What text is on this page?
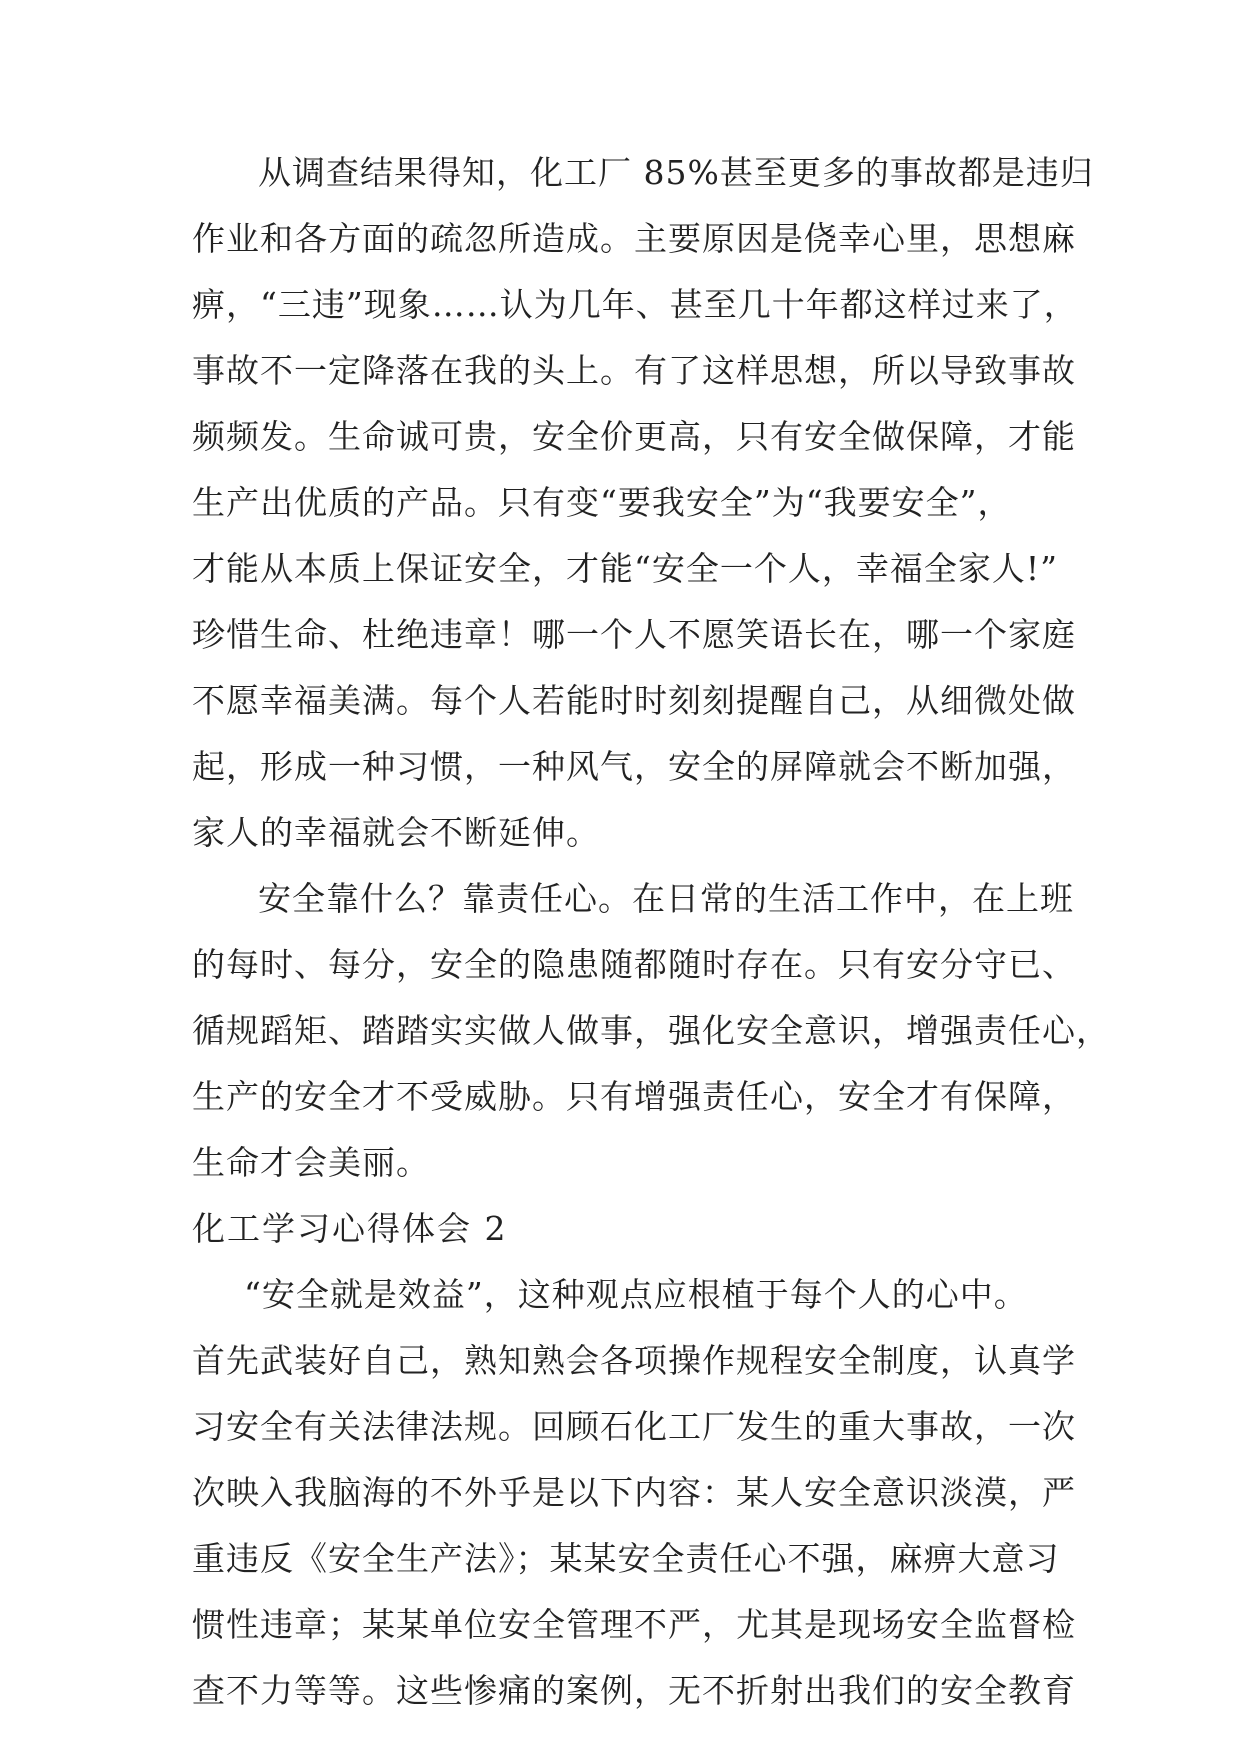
从调查结果得知，化工厂 85%甚至更多的事故都是违归
作业和各方面的疏忽所造成。主要原因是侥幸心里，思想麻
痹，“三违”现象……认为几年、甚至几十年都这样过来了，
事故不一定降落在我的头上。有了这样思想，所以导致事故
频频发。生命诚可贵，安全价更高，只有安全做保障，才能
生产出优质的产品。只有变“要我安全”为“我要安全”，
才能从本质上保证安全，才能“安全一个人，幸福全家人!”
珍惜生命、杜绝违章！哪一个人不愿笑语长在，哪一个家庭
不愿幸福美满。每个人若能时时刻刻提醒自己，从细微处做
起，形成一种习惯，一种风气，安全的屏障就会不断加强，
家人的幸福就会不断延伸。
安全靠什么？靠责任心。在日常的生活工作中，在上班
的每时、每分，安全的隐患随都随时存在。只有安分守已、
循规蹈矩、踏踏实实做人做事，强化安全意识，增强责任心，
生产的安全才不受威胁。只有增强责任心，安全才有保障，
生命才会美丽。
化工学习心得体会 2
“安全就是效益”，这种观点应根植于每个人的心中。
首先武装好自己，熟知熟会各项操作规程安全制度，认真学
习安全有关法律法规。回顾石化工厂发生的重大事故，一次
次映入我脑海的不外乎是以下内容：某人安全意识淡漠，严
重违反《安全生产法》；某某安全责任心不强，麻痹大意习
惯性违章；某某单位安全管理不严，尤其是现场安全监督检
查不力等等。这些惨痛的案例，无不折射出我们的安全教育
